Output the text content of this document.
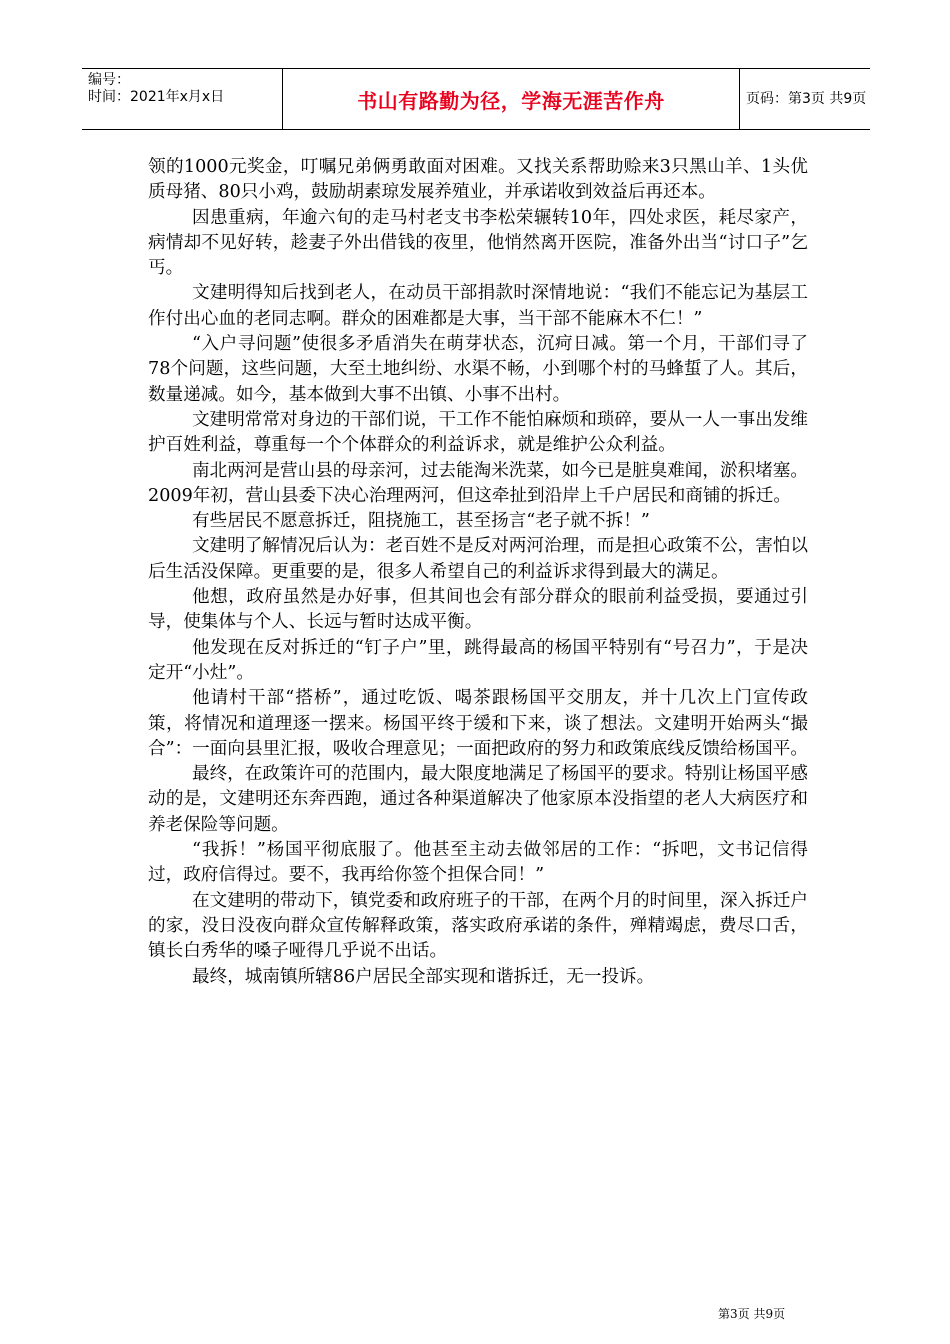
编号：
时间：2021年x月x日	书山有路勤为径，学海无涯苦作舟	页码：第3页 共9页

领的1000元奖金，叮嘱兄弟俩勇敢面对困难。又找关系帮助赊来3只黑山羊、1头优质母猪、80只小鸡，鼓励胡素琼发展养殖业，并承诺收到效益后再还本。

因患重病，年逾六旬的走马村老支书李松荣辗转10年，四处求医，耗尽家产，病情却不见好转，趁妻子外出借钱的夜里，他悄然离开医院，准备外出当“讨口子”乞丐。

文建明得知后找到老人，在动员干部捐款时深情地说：“我们不能忘记为基层工作付出心血的老同志啊。群众的困难都是大事，当干部不能麻木不仁！”

“入户寻问题”使很多矛盾消失在萌芽状态，沉疴日减。第一个月，干部们寻了78个问题，这些问题，大至土地纠纷、水渠不畅，小到哪个村的马蜂蜇了人。其后，数量递减。如今，基本做到大事不出镇、小事不出村。

文建明常常对身边的干部们说，干工作不能怕麻烦和琐碎，要从一人一事出发维护百姓利益，尊重每一个个体群众的利益诉求，就是维护公众利益。

南北两河是营山县的母亲河，过去能淘米洗菜，如今已是脏臭难闻，淤积堵塞。2009年初，营山县委下决心治理两河，但这牵扯到沿岸上千户居民和商铺的拆迁。

有些居民不愿意拆迁，阻挠施工，甚至扬言“老子就不拆！”

文建明了解情况后认为：老百姓不是反对两河治理，而是担心政策不公，害怕以后生活没保障。更重要的是，很多人希望自己的利益诉求得到最大的满足。

他想，政府虽然是办好事，但其间也会有部分群众的眼前利益受损，要通过引导，使集体与个人、长远与暂时达成平衡。

他发现在反对拆迁的“钉子户”里，跳得最高的杨国平特别有“号召力”，于是决定开“小灶”。

他请村干部“搭桥”，通过吃饭、喝茶跟杨国平交朋友，并十几次上门宣传政策，将情况和道理逐一摆来。杨国平终于缓和下来，谈了想法。文建明开始两头“撮合”：一面向县里汇报，吸收合理意见；一面把政府的努力和政策底线反馈给杨国平。

最终，在政策许可的范围内，最大限度地满足了杨国平的要求。特别让杨国平感动的是，文建明还东奔西跑，通过各种渠道解决了他家原本没指望的老人大病医疗和养老保险等问题。

“我拆！”杨国平彻底服了。他甚至主动去做邻居的工作：“拆吧，文书记信得过，政府信得过。要不，我再给你签个担保合同！”

在文建明的带动下，镇党委和政府班子的干部，在两个月的时间里，深入拆迁户的家，没日没夜向群众宣传解释政策，落实政府承诺的条件，殚精竭虑，费尽口舌，镇长白秀华的嗓子哑得几乎说不出话。

最终，城南镇所辖86户居民全部实现和谐拆迁，无一投诉。

第3页 共9页
